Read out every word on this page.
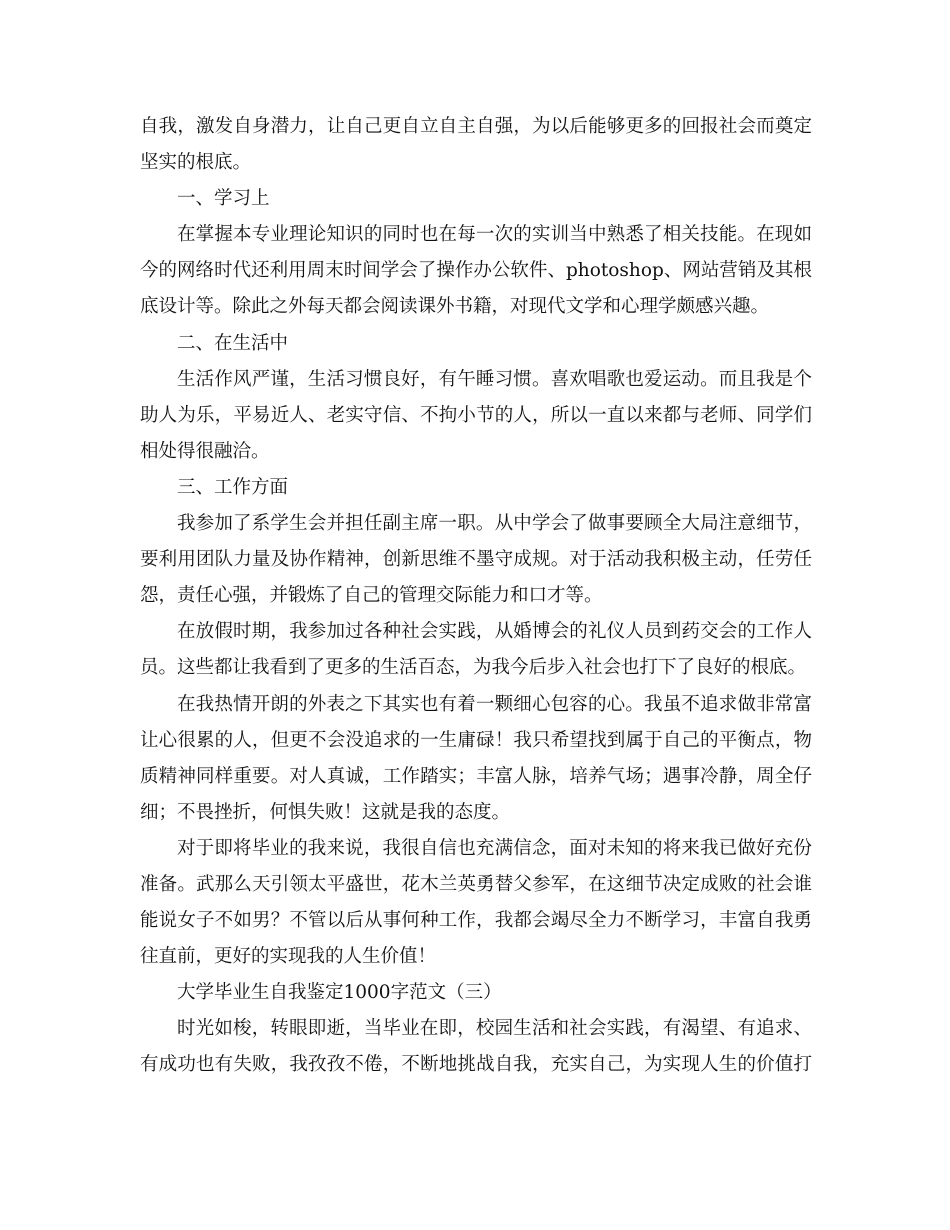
自我，激发自身潜力，让自己更自立自主自强，为以后能够更多的回报社会而奠定
坚实的根底。
一、学习上
在掌握本专业理论知识的同时也在每一次的实训当中熟悉了相关技能。在现如
今的网络时代还利用周末时间学会了操作办公软件、photoshop、网站营销及其根
底设计等。除此之外每天都会阅读课外书籍，对现代文学和心理学颇感兴趣。
二、在生活中
生活作风严谨，生活习惯良好，有午睡习惯。喜欢唱歌也爱运动。而且我是个
助人为乐，平易近人、老实守信、不拘小节的人，所以一直以来都与老师、同学们
相处得很融洽。
三、工作方面
我参加了系学生会并担任副主席一职。从中学会了做事要顾全大局注意细节，
要利用团队力量及协作精神，创新思维不墨守成规。对于活动我积极主动，任劳任
怨，责任心强，并锻炼了自己的管理交际能力和口才等。
在放假时期，我参加过各种社会实践，从婚博会的礼仪人员到药交会的工作人
员。这些都让我看到了更多的生活百态，为我今后步入社会也打下了良好的根底。
在我热情开朗的外表之下其实也有着一颗细心包容的心。我虽不追求做非常富
让心很累的人，但更不会没追求的一生庸碌！我只希望找到属于自己的平衡点，物
质精神同样重要。对人真诚，工作踏实；丰富人脉，培养气场；遇事冷静，周全仔
细；不畏挫折，何惧失败！这就是我的态度。
对于即将毕业的我来说，我很自信也充满信念，面对未知的将来我已做好充份
准备。武那么天引领太平盛世，花木兰英勇替父参军，在这细节决定成败的社会谁
能说女子不如男？不管以后从事何种工作，我都会竭尽全力不断学习，丰富自我勇
往直前，更好的实现我的人生价值！
大学毕业生自我鉴定1000字范文（三）
时光如梭，转眼即逝，当毕业在即，校园生活和社会实践，有渴望、有追求、
有成功也有失败，我孜孜不倦，不断地挑战自我，充实自己，为实现人生的价值打
